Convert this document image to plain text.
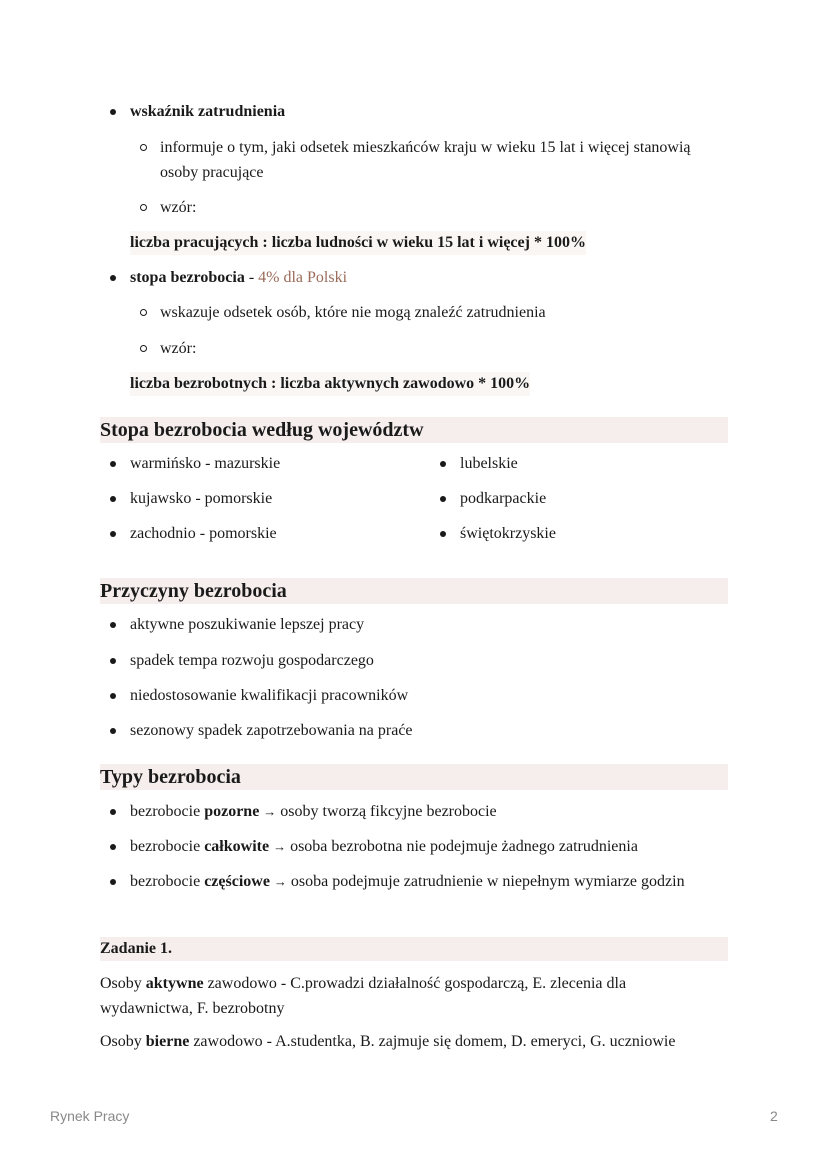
wskaźnik zatrudnienia
informuje o tym, jaki odsetek mieszkańców kraju w wieku 15 lat i więcej stanowią
osoby pracujące
wzór:
liczba pracujących : liczba ludności w wieku 15 lat i więcej * 100%
stopa bezrobocia - 4% dla Polski
wskazuje odsetek osób, które nie mogą znaleźć zatrudnienia
wzór:
liczba bezrobotnych : liczba aktywnych zawodowo * 100%
Stopa bezrobocia według województw
warmińsko - mazurskie
kujawsko - pomorskie
zachodnio - pomorskie
lubelskie
podkarpackie
świętokrzyskie
Przyczyny bezrobocia
aktywne poszukiwanie lepszej pracy
spadek tempa rozwoju gospodarczego
niedostosowanie kwalifikacji pracowników
sezonowy spadek zapotrzebowania na praće
Typy bezrobocia
bezrobocie pozorne → osoby tworzą fikcyjne bezrobocie
bezrobocie całkowite → osoba bezrobotna nie podejmuje żadnego zatrudnienia
bezrobocie częściowe → osoba podejmuje zatrudnienie w niepełnym wymiarze godzin
Zadanie 1.
Osoby aktywne zawodowo - C.prowadzi działalność gospodarczą, E. zlecenia dla
wydawnictwa, F. bezrobotny
Osoby bierne zawodowo - A.studentka, B. zajmuje się domem, D. emeryci, G. uczniowie
Rynek Pracy	2
